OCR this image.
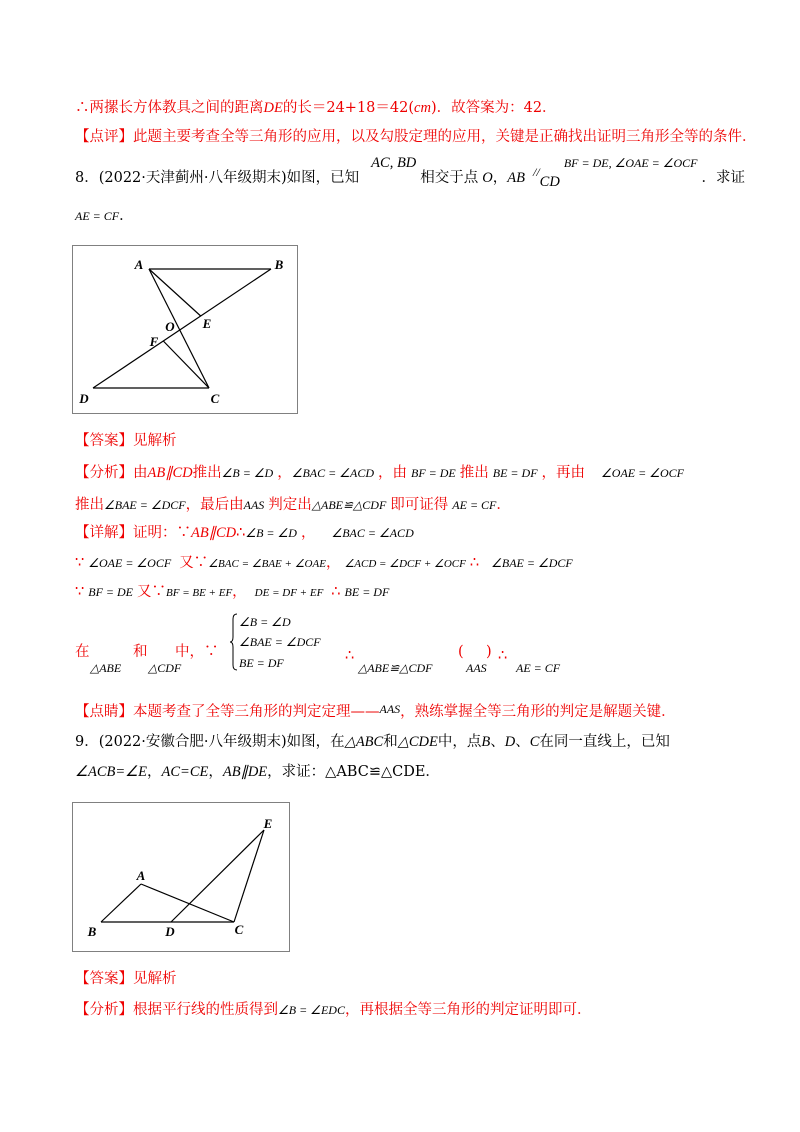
∴两摞长方体教具之间的距离DE的长＝24+18＝42(cm)．故答案为：42．
【点评】此题主要考查全等三角形的应用，以及勾股定理的应用，关键是正确找出证明三角形全等的条件．
8．(2022·天津蓟州·八年级期末)如图，已知AC, BD相交于点 O，AB $^{//}CD^{BF = DE, \angle OAE = \angle OCF}$．求证
AE = CF．
A	B
O E
F
D	C
【答案】见解析
【分析】由AB∥CD推出∠B = ∠D ，∠BAC = ∠ACD ，由 BF = DE 推出 BE = DF ，再由 ∠OAE = ∠OCF
推出∠BAE = ∠DCF，最后由AAS 判定出△ABE≌△CDF 即可证得 AE = CF．
【详解】证明：∵AB∥CD∴∠B = ∠D ， ∠BAC = ∠ACD
∵ ∠OAE = ∠OCF 又∵∠BAC = ∠BAE + ∠OAE， ∠ACD = ∠DCF + ∠OCF ∴ ∠BAE = ∠DCF
∵ BF = DE 又∵BF = BE + EF， DE = DF + EF ∴ BE = DF
在
△ABE
和
△CDF
中，∵
∠B = ∠D
∠BAE = ∠DCF
BE = DF	∴
△ABE≌△CDF
(
AAS
) ∴
AE = CF
【点睛】本题考查了全等三角形的判定定理——$^{AAS}$，熟练掌握全等三角形的判定是解题关键．
9．(2022·安徽合肥·八年级期末)如图，在△ABC和△CDE中，点B、D、C在同一直线上，已知
∠ACB=∠E，AC=CE，AB∥DE，求证：△ABC≌△CDE．
A
B	D	C
E
【答案】见解析
【分析】根据平行线的性质得到∠B = ∠EDC，再根据全等三角形的判定证明即可．
